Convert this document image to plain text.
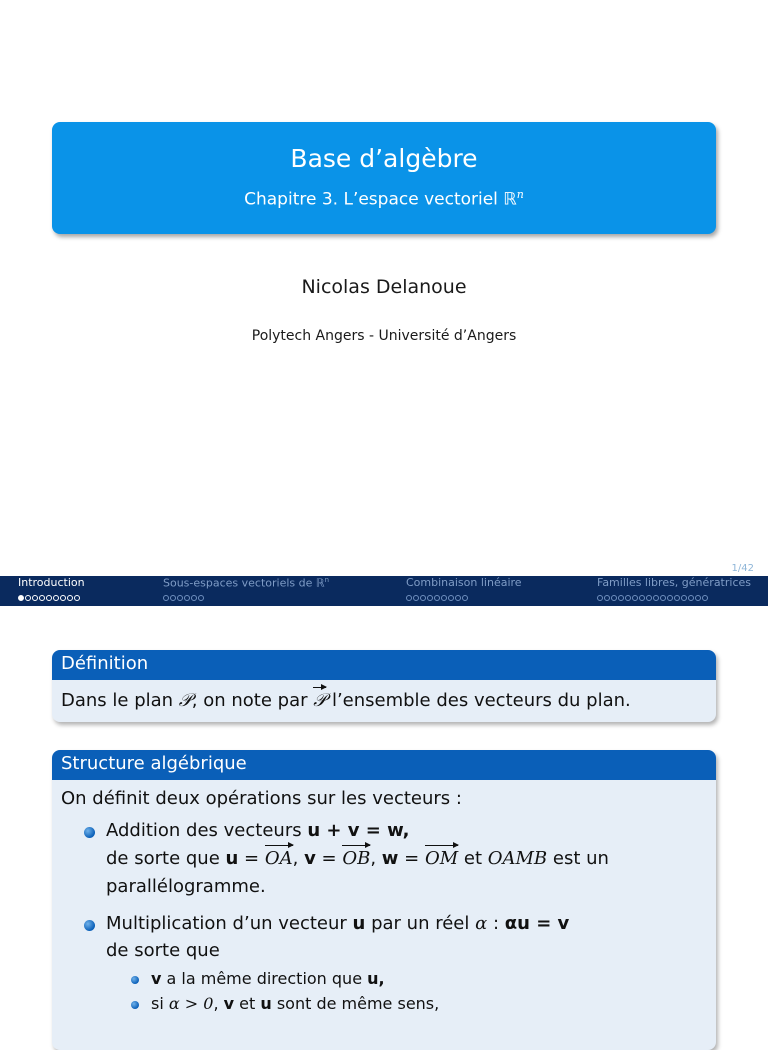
Base d’algèbre
Chapitre 3. L’espace vectoriel ℝ$^n$
Nicolas Delanoue
Polytech Angers - Université d’Angers
1/42
Introduction	Sous-espaces vectoriels de ℝ$^n$	Combinaison linéaire	Familles libres, génératrices
Définition
Dans le plan 𝒫, on note par 𝒫 l’ensemble des vecteurs du plan.
Structure algébrique
On définit deux opérations sur les vecteurs :
Addition des vecteurs u + v = w,
de sorte que u = OA, v = OB, w = OM et OAMB est un
parallélogramme.
Multiplication d’un vecteur u par un réel α : αu = v
de sorte que
v a la même direction que u,
si α > 0, v et u sont de même sens,
